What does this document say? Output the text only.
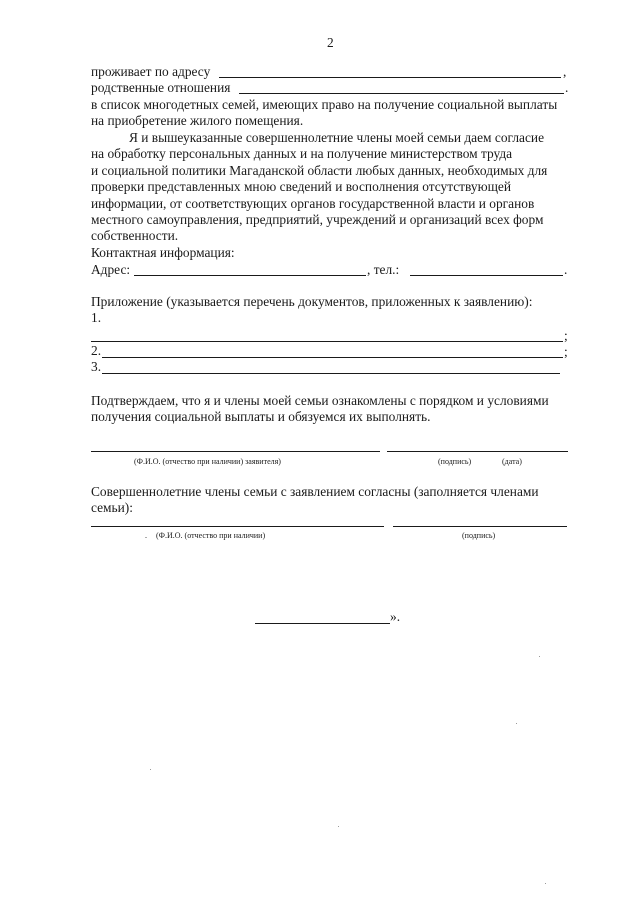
2
проживает по адресу	,
родственные отношения	.
в список многодетных семей, имеющих право на получение социальной выплаты
на приобретение жилого помещения.
Я и вышеуказанные совершеннолетние члены моей семьи даем согласие
на обработку персональных данных и на получение министерством труда
и социальной политики Магаданской области любых данных, необходимых для
проверки представленных мною сведений и восполнения отсутствующей
информации, от соответствующих органов государственной власти и органов
местного самоуправления, предприятий, учреждений и организаций всех форм
собственности.
Контактная информация:
Адрес:	, тел.:	.
Приложение (указывается перечень документов, приложенных к заявлению):
1.
;
2.	;
3.
Подтверждаем, что я и члены моей семьи ознакомлены с порядком и условиями
получения социальной выплаты и обязуемся их выполнять.
(Ф.И.О. (отчество при наличии) заявителя)	(подпись)	(дата)
Совершеннолетние члены семьи с заявлением согласны (заполняется членами
семьи):
. (Ф.И.О. (отчество при наличии)	(подпись)
».
